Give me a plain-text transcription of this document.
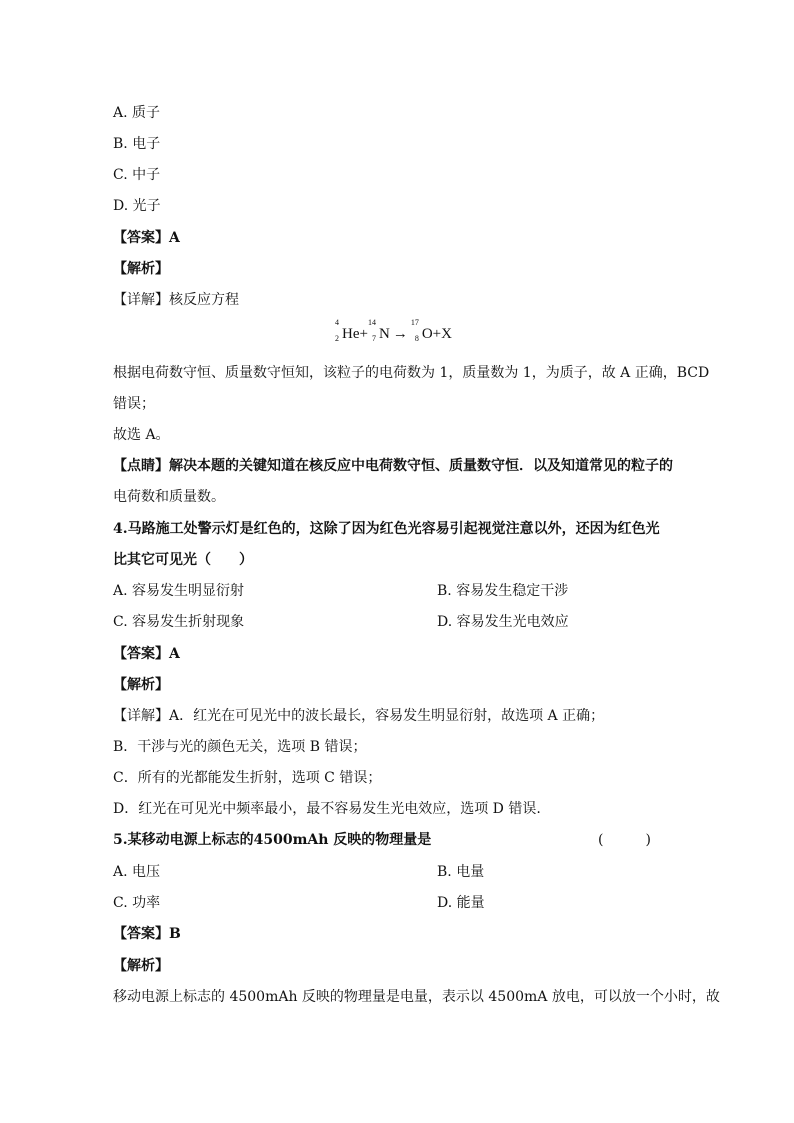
A. 质子
B. 电子
C. 中子
D. 光子
【答案】A
【解析】
【详解】核反应方程
4
2 He+
14
7 N →
17
8 O+X
根据电荷数守恒、质量数守恒知，该粒子的电荷数为 1，质量数为 1，为质子，故 A 正确，BCD
错误；
故选 A。
【点睛】解决本题的关键知道在核反应中电荷数守恒、质量数守恒．以及知道常见的粒子的
电荷数和质量数。
4.马路施工处警示灯是红色的，这除了因为红色光容易引起视觉注意以外，还因为红色光
比其它可见光（　　）
A. 容易发生明显衍射	B. 容易发生稳定干涉
C. 容易发生折射现象	D. 容易发生光电效应
【答案】A
【解析】
【详解】A．红光在可见光中的波长最长，容易发生明显衍射，故选项 A 正确；
B．干涉与光的颜色无关，选项 B 错误；
C．所有的光都能发生折射，选项 C 错误；
D．红光在可见光中频率最小，最不容易发生光电效应，选项 D 错误.
5.某移动电源上标志的4500mAh 反映的物理量是	(　　　)
A. 电压	B. 电量
C. 功率	D. 能量
【答案】B
【解析】
移动电源上标志的 4500mAh 反映的物理量是电量，表示以 4500mA 放电，可以放一个小时，故
